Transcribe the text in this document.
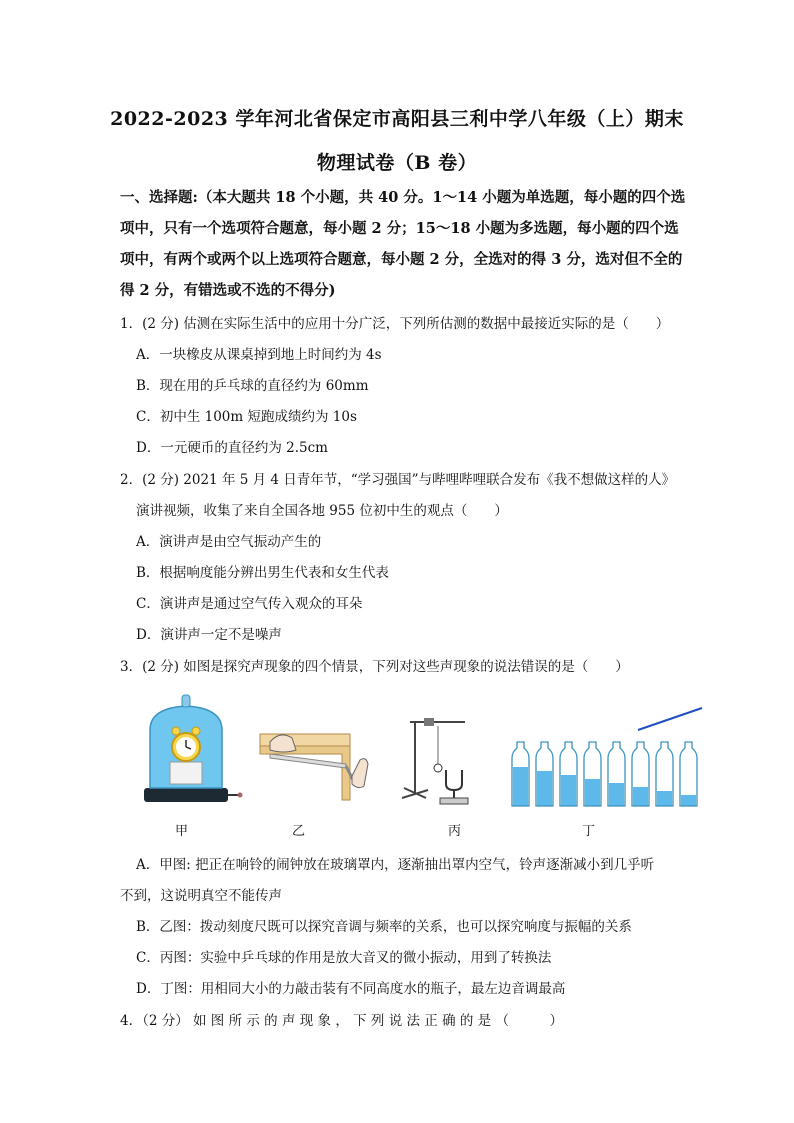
2022-2023 学年河北省保定市高阳县三利中学八年级（上）期末
物理试卷（B 卷）
一、选择题:（本大题共 18 个小题，共 40 分。1～14 小题为单选题，每小题的四个选项中，只有一个选项符合题意，每小题 2 分；15～18 小题为多选题，每小题的四个选项中，有两个或两个以上选项符合题意，每小题 2 分，全选对的得 3 分，选对但不全的得 2 分，有错选或不选的不得分)
1．(2 分) 估测在实际生活中的应用十分广泛，下列所估测的数据中最接近实际的是（　　）
A．一块橡皮从课桌掉到地上时间约为 4s
B．现在用的乒乓球的直径约为 60mm
C．初中生 100m 短跑成绩约为 10s
D．一元硬币的直径约为 2.5cm
2．(2 分) 2021 年 5 月 4 日青年节，“学习强国”与哔哩哔哩联合发布《我不想做这样的人》
演讲视频，收集了来自全国各地 955 位初中生的观点（　　）
A．演讲声是由空气振动产生的
B．根据响度能分辨出男生代表和女生代表
C．演讲声是通过空气传入观众的耳朵
D．演讲声一定不是噪声
3．(2 分) 如图是探究声现象的四个情景，下列对这些声现象的说法错误的是（　　）
甲	乙	丙	丁
A．甲图: 把正在响铃的闹钟放在玻璃罩内，逐渐抽出罩内空气，铃声逐渐减小到几乎听
不到，这说明真空不能传声
B．乙图：拨动刻度尺既可以探究音调与频率的关系，也可以探究响度与振幅的关系
C．丙图：实验中乒乓球的作用是放大音叉的微小振动，用到了转换法
D．丁图：用相同大小的力敲击装有不同高度水的瓶子，最左边音调最高
4．（2 分） 如 图 所 示 的 声 现 象 ， 下 列 说 法 正 确 的 是 （　　　）
